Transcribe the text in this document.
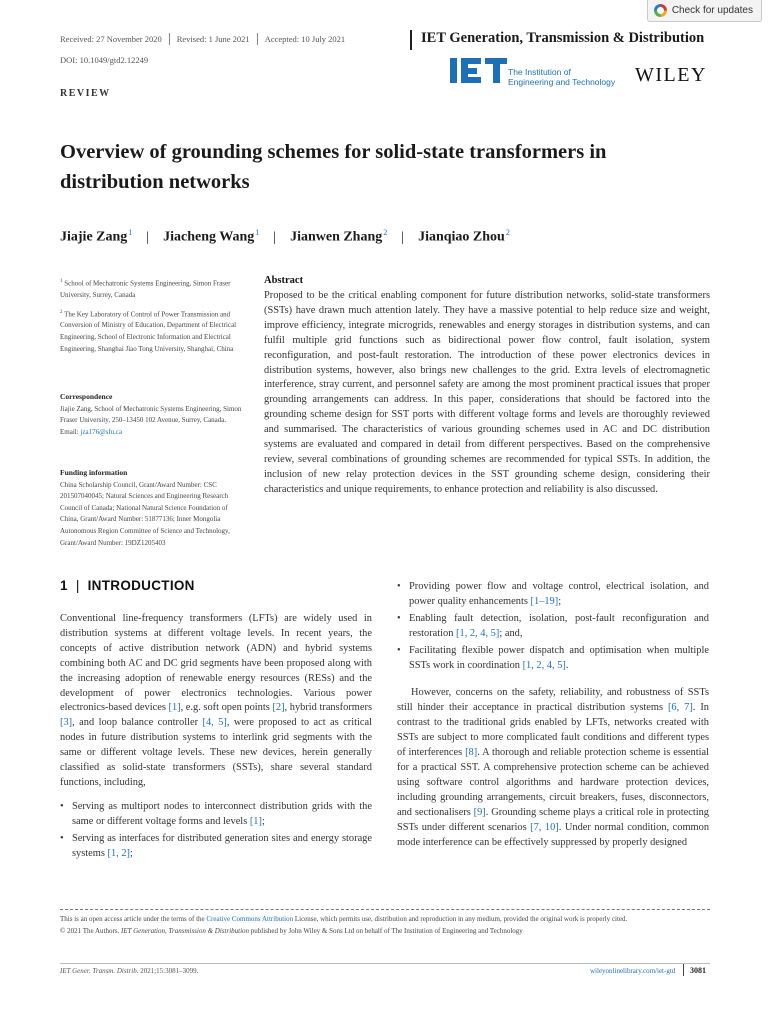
Check for updates
Received: 27 November 2020 Revised: 1 June 2021 Accepted: 10 July 2021	IET Generation, Transmission & Distribution
DOI: 10.1049/gtd2.12249
The Institution of
Engineering and Technology WILEY
REVIEW
Overview of grounding schemes for solid-state transformers in distribution networks
Jiajie Zang$^1$ | Jiacheng Wang$^1$ | Jianwen Zhang$^2$ | Jianqiao Zhou$^2$

$^1$ School of Mechatronic Systems Engineering, Simon Fraser University, Surrey, Canada

$^2$ The Key Laboratory of Control of Power Transmission and Conversion of Ministry of Education, Department of Electrical Engineering, School of Electronic Information and Electrical Engineering, Shanghai Jiao Tong University, Shanghai, China

Correspondence

Jiajie Zang, School of Mechatronic Systems Engineering, Simon Fraser University, 250–13450 102 Avenue, Surrey, Canada.

Email: jza176@sfu.ca

Funding information

China Scholarship Council, Grant/Award Number: CSC 201507040045; Natural Sciences and Engineering Research Council of Canada; National Natural Science Foundation of China, Grant/Award Number: 51877136; Inner Mongolia Autonomous Region Committee of Science and Technology, Grant/Award Number: 19DZ1205403

Abstract
Proposed to be the critical enabling component for future distribution networks, solid-state transformers (SSTs) have drawn much attention lately. They have a massive potential to help reduce size and weight, improve efficiency, integrate microgrids, renewables and energy storages in distribution systems, and can fulfil multiple grid functions such as bidirectional power flow control, fault isolation, system reconfiguration, and post-fault restoration. The introduction of these power electronics devices in distribution systems, however, also brings new challenges to the grid. Extra levels of electromagnetic interference, stray current, and personnel safety are among the most prominent practical issues that proper grounding arrangements can address. In this paper, considerations that should be factored into the grounding scheme design for SST ports with different voltage forms and levels are thoroughly reviewed and summarised. The characteristics of various grounding schemes used in AC and DC distribution systems are evaluated and compared in detail from different perspectives. Based on the comprehensive review, several combinations of grounding schemes are recommended for typical SSTs. In addition, the inclusion of new relay protection devices in the SST grounding scheme design, considering their characteristics and unique requirements, to enhance protection and reliability is also discussed.
1 | INTRODUCTION

Conventional line-frequency transformers (LFTs) are widely used in distribution systems at different voltage levels. In recent years, the concepts of active distribution network (ADN) and hybrid systems combining both AC and DC grid segments have been proposed along with the increasing adoption of renewable energy resources (RESs) and the development of power electronics technologies. Various power electronics-based devices [1], e.g. soft open points [2], hybrid transformers [3], and loop balance controller [4, 5], were proposed to act as critical nodes in future distribution systems to interlink grid segments with the same or different voltage levels. These new devices, herein generally classified as solid-state transformers (SSTs), share several standard functions, including,

• Serving as multiport nodes to interconnect distribution grids with the same or different voltage forms and levels [1];
• Serving as interfaces for distributed generation sites and energy storage systems [1, 2];
• Providing power flow and voltage control, electrical isolation, and power quality enhancements [1–19];
• Enabling fault detection, isolation, post-fault reconfiguration and restoration [1, 2, 4, 5]; and,
• Facilitating flexible power dispatch and optimisation when multiple SSTs work in coordination [1, 2, 4, 5].

However, concerns on the safety, reliability, and robustness of SSTs still hinder their acceptance in practical distribution systems [6, 7]. In contrast to the traditional grids enabled by LFTs, networks created with SSTs are subject to more complicated fault conditions and different types of interferences [8]. A thorough and reliable protection scheme is essential for a practical SST. A comprehensive protection scheme can be achieved using software control algorithms and hardware protection devices, including grounding arrangements, circuit breakers, fuses, disconnectors, and sectionalisers [9]. Grounding scheme plays a critical role in protecting SSTs under different scenarios [7, 10]. Under normal condition, common mode interference can be effectively suppressed by properly designed

This is an open access article under the terms of the Creative Commons Attribution License, which permits use, distribution and reproduction in any medium, provided the original work is properly cited.
© 2021 The Authors. IET Generation, Transmission & Distribution published by John Wiley & Sons Ltd on behalf of The Institution of Engineering and Technology
IET Gener. Transm. Distrib. 2021;15:3081–3099.	wileyonlinelibrary.com/iet-gtd 3081
